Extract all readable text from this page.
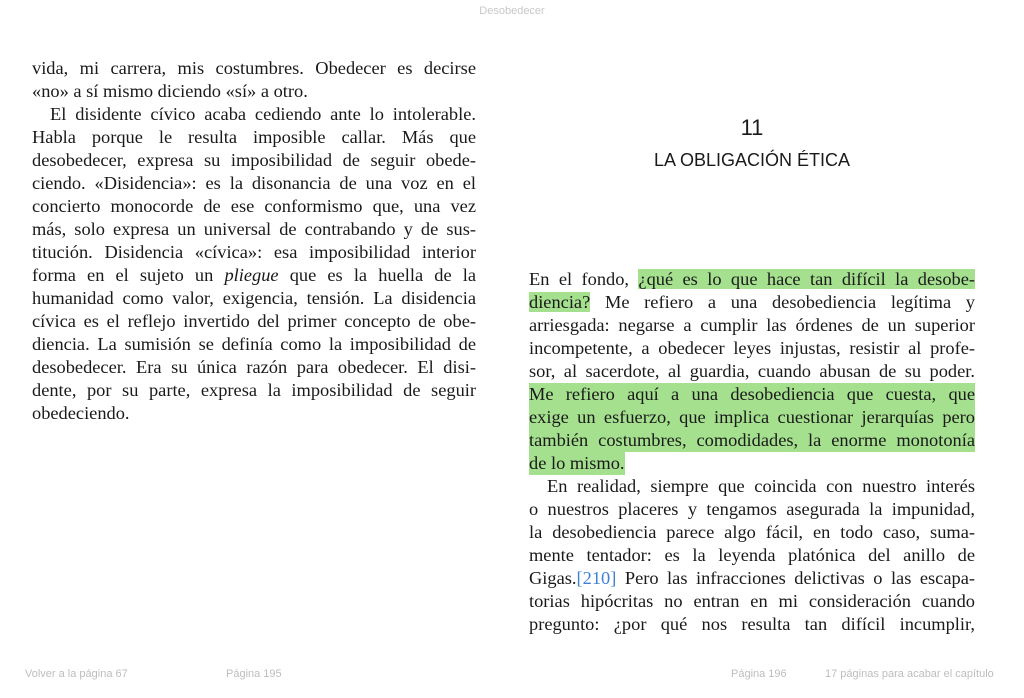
Desobedecer
vida, mi carrera, mis costumbres. Obedecer es decirse
«no» a sí mismo diciendo «sí» a otro.
El disidente cívico acaba cediendo ante lo intolerable.
Habla porque le resulta imposible callar. Más que
desobedecer, expresa su imposibilidad de seguir obede-
ciendo. «Disidencia»: es la disonancia de una voz en el
concierto monocorde de ese conformismo que, una vez
más, solo expresa un universal de contrabando y de sus-
titución. Disidencia «cívica»: esa imposibilidad interior
forma en el sujeto un pliegue que es la huella de la
humanidad como valor, exigencia, tensión. La disidencia
cívica es el reflejo invertido del primer concepto de obe-
diencia. La sumisión se definía como la imposibilidad de
desobedecer. Era su única razón para obedecer. El disi-
dente, por su parte, expresa la imposibilidad de seguir
obedeciendo.
11
LA OBLIGACIÓN ÉTICA
En el fondo, ¿qué es lo que hace tan difícil la desobe-
diencia? Me refiero a una desobediencia legítima y
arriesgada: negarse a cumplir las órdenes de un superior
incompetente, a obedecer leyes injustas, resistir al profe-
sor, al sacerdote, al guardia, cuando abusan de su poder.
Me refiero aquí a una desobediencia que cuesta, que
exige un esfuerzo, que implica cuestionar jerarquías pero
también costumbres, comodidades, la enorme monotonía
de lo mismo.
En realidad, siempre que coincida con nuestro interés
o nuestros placeres y tengamos asegurada la impunidad,
la desobediencia parece algo fácil, en todo caso, suma-
mente tentador: es la leyenda platónica del anillo de
Gigas.[210] Pero las infracciones delictivas o las escapa-
torias hipócritas no entran en mi consideración cuando
pregunto: ¿por qué nos resulta tan difícil incumplir,
Volver a la página 67	Página 195	Página 196	17 páginas para acabar el capítulo
